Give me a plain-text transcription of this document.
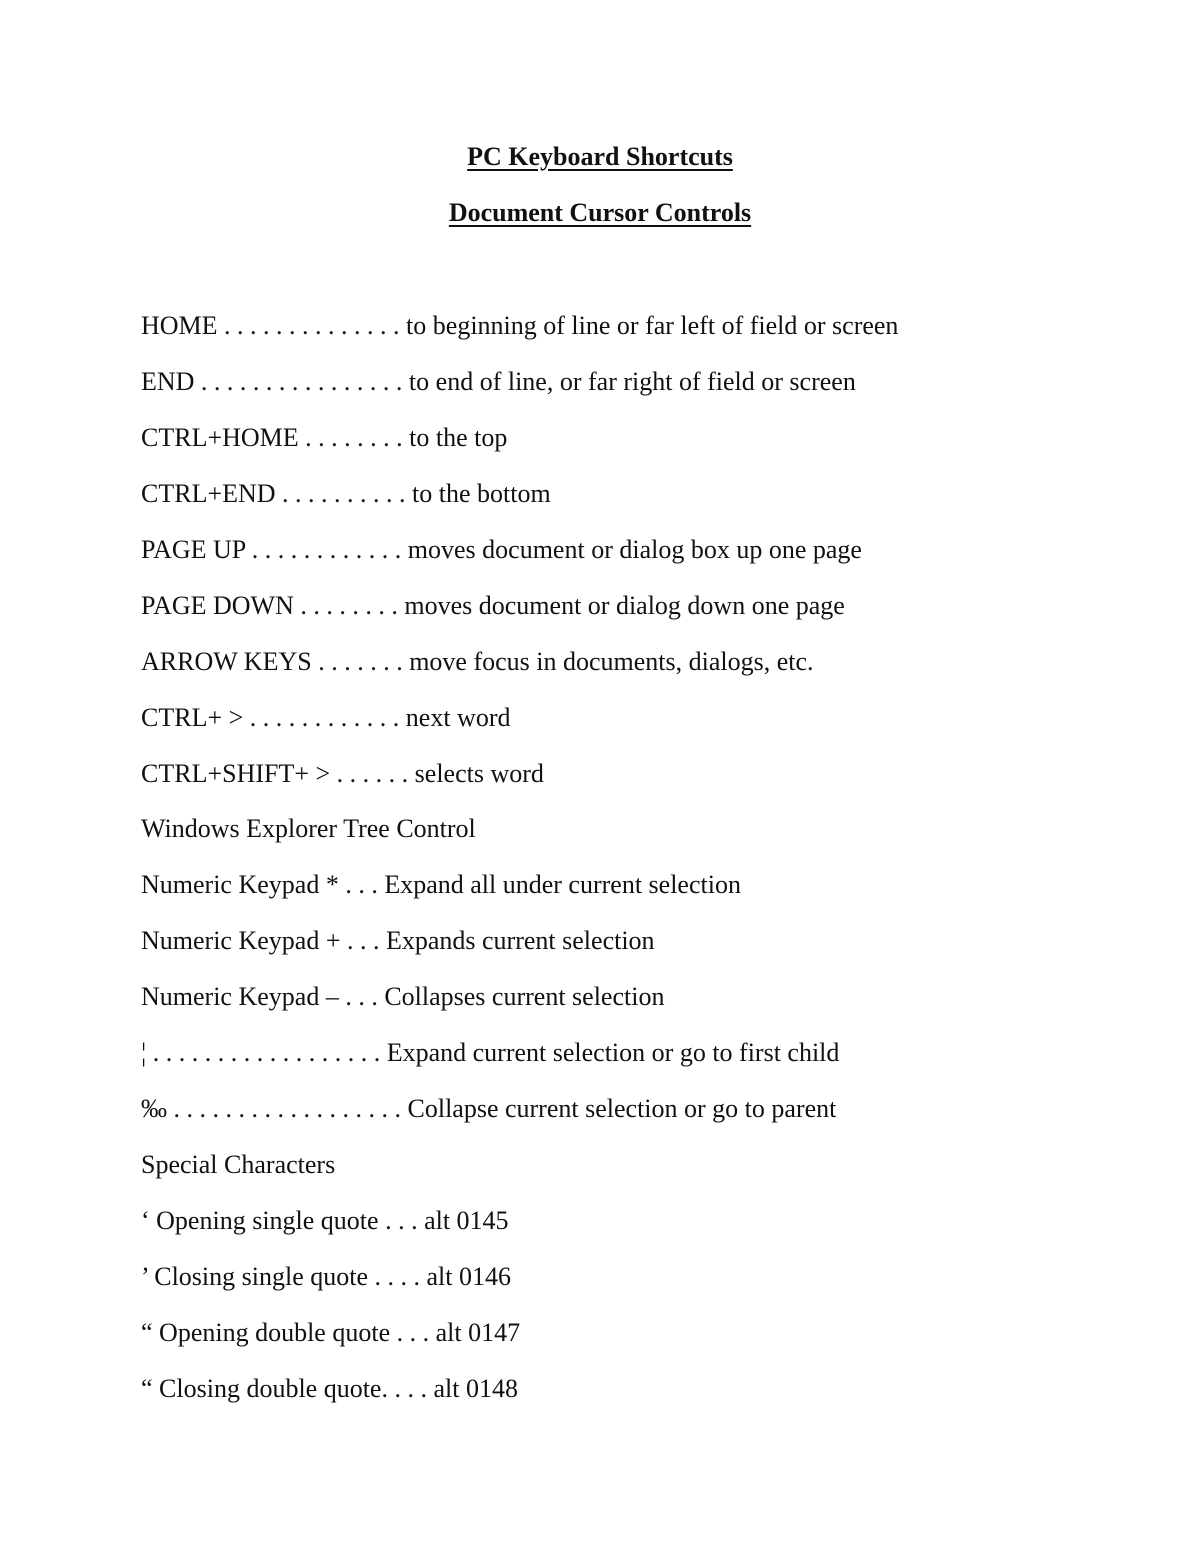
PC Keyboard Shortcuts
Document Cursor Controls
HOME . . . . . . . . . . . . . . to beginning of line or far left of field or screen
END . . . . . . . . . . . . . . . . to end of line, or far right of field or screen
CTRL+HOME . . . . . . . . to the top
CTRL+END . . . . . . . . . . to the bottom
PAGE UP . . . . . . . . . . . . moves document or dialog box up one page
PAGE DOWN . . . . . . . . moves document or dialog down one page
ARROW KEYS . . . . . . . move focus in documents, dialogs, etc.
CTRL+ > . . . . . . . . . . . . next word
CTRL+SHIFT+ > . . . . . . selects word
Windows Explorer Tree Control
Numeric Keypad * . . . Expand all under current selection
Numeric Keypad + . . . Expands current selection
Numeric Keypad – . . . Collapses current selection
¦ . . . . . . . . . . . . . . . . . . Expand current selection or go to first child
‰ . . . . . . . . . . . . . . . . . . Collapse current selection or go to parent
Special Characters
‘ Opening single quote . . . alt 0145
’ Closing single quote . . . . alt 0146
“ Opening double quote . . . alt 0147
“ Closing double quote. . . . alt 0148
